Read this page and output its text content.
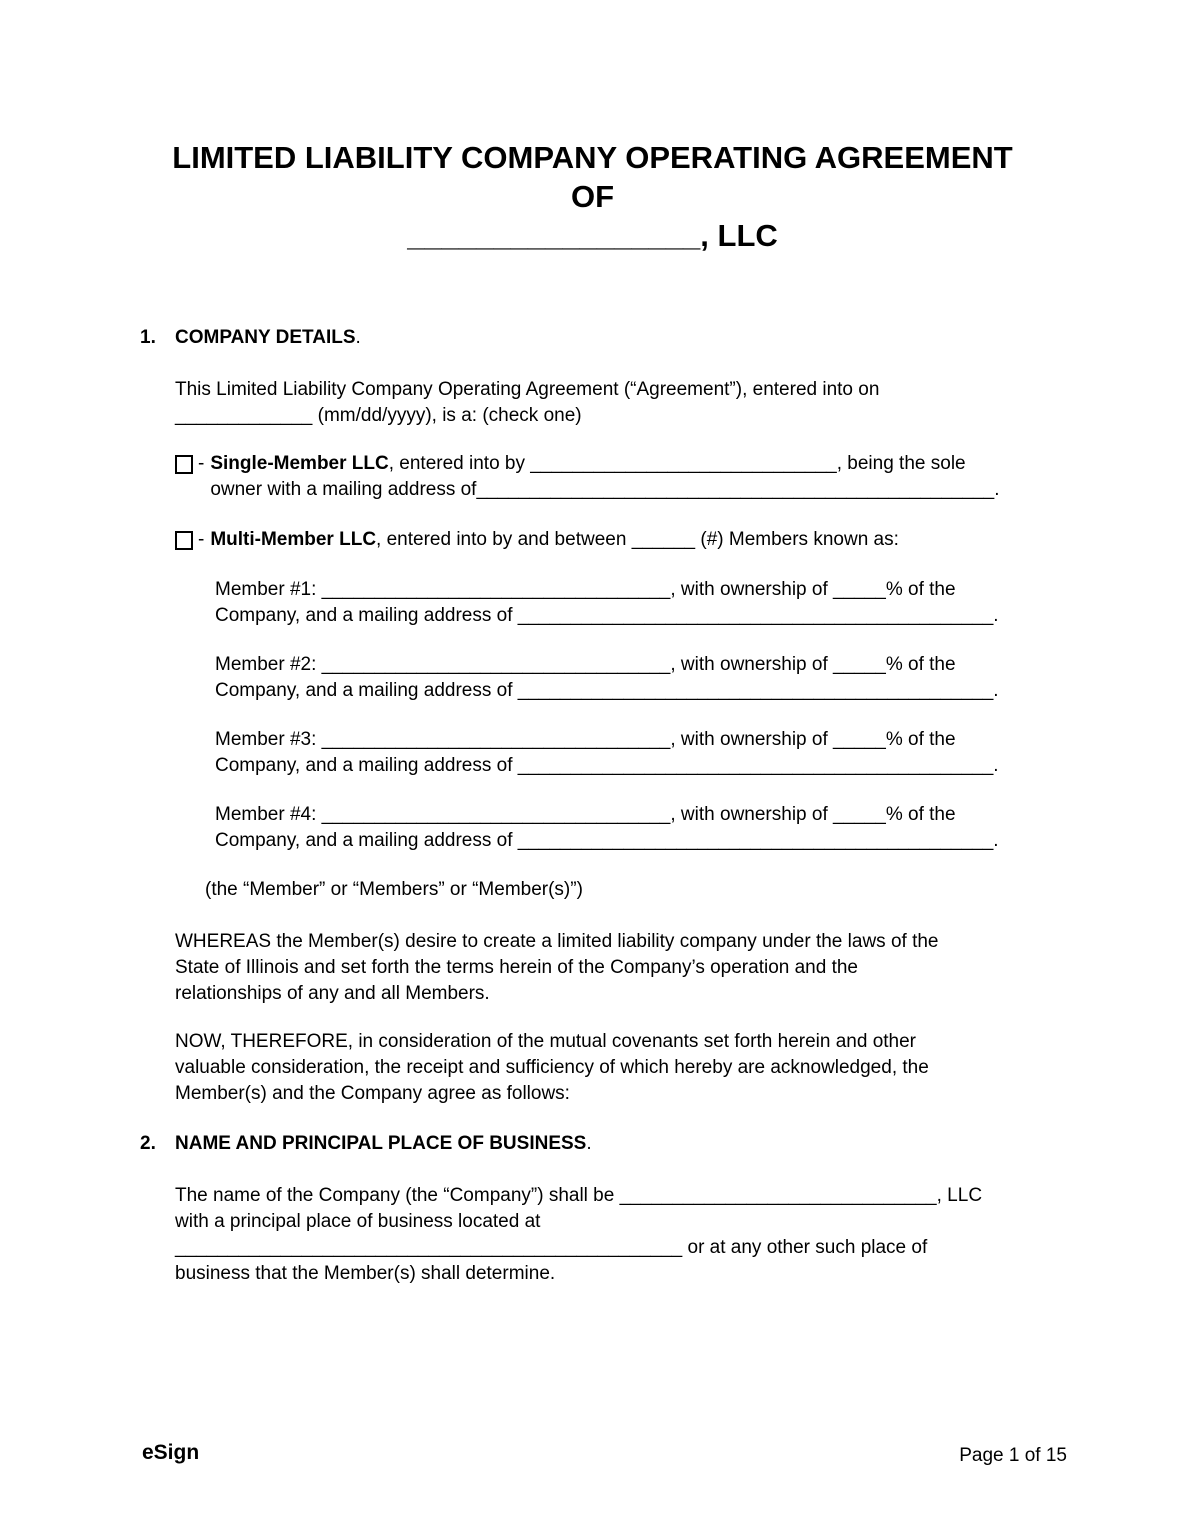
LIMITED LIABILITY COMPANY OPERATING AGREEMENT
OF
_________________, LLC
1.	COMPANY DETAILS.
This Limited Liability Company Operating Agreement (“Agreement”), entered into on
_____________ (mm/dd/yyyy), is a: (check one)
- Single-Member LLC, entered into by _____________________________, being the sole
owner with a mailing address of_________________________________________________.
- Multi-Member LLC, entered into by and between ______ (#) Members known as:
Member #1: _________________________________, with ownership of _____% of the
Company, and a mailing address of _____________________________________________.
Member #2: _________________________________, with ownership of _____% of the
Company, and a mailing address of _____________________________________________.
Member #3: _________________________________, with ownership of _____% of the
Company, and a mailing address of _____________________________________________.
Member #4: _________________________________, with ownership of _____% of the
Company, and a mailing address of _____________________________________________.
(the “Member” or “Members” or “Member(s)”)
WHEREAS the Member(s) desire to create a limited liability company under the laws of the
State of Illinois and set forth the terms herein of the Company’s operation and the
relationships of any and all Members.
NOW, THEREFORE, in consideration of the mutual covenants set forth herein and other
valuable consideration, the receipt and sufficiency of which hereby are acknowledged, the
Member(s) and the Company agree as follows:
2.	NAME AND PRINCIPAL PLACE OF BUSINESS.
The name of the Company (the “Company”) shall be ______________________________, LLC
with a principal place of business located at
________________________________________________ or at any other such place of
business that the Member(s) shall determine.
eSign	Page 1 of 15
